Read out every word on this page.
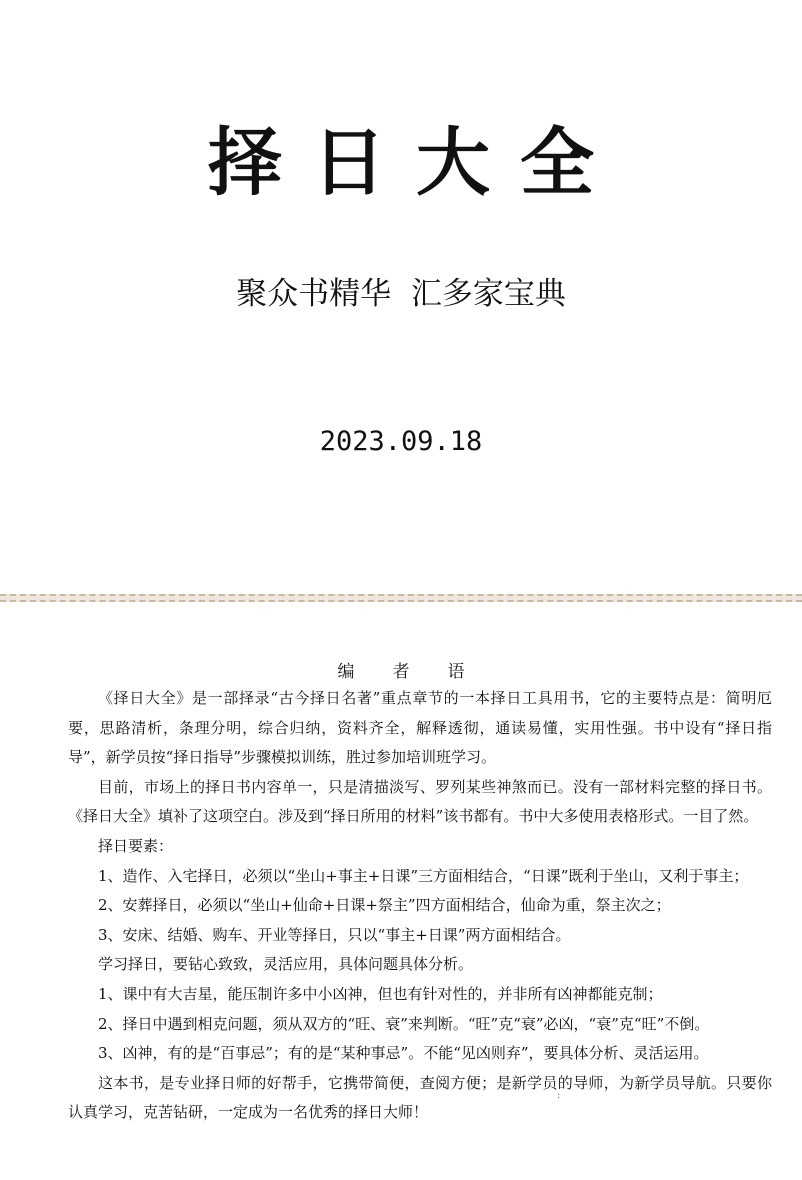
择日大全
聚众书精华  汇多家宝典
2023.09.18
编者语

《择日大全》是一部择录“古今择日名著”重点章节的一本择日工具用书，它的主要特点是：简明厄要，思路清析，条理分明，综合归纳，资料齐全，解释透彻，通读易懂，实用性强。书中设有“择日指导”，新学员按“择日指导”步骤模拟训练，胜过参加培训班学习。

目前，市场上的择日书内容单一，只是清描淡写、罗列某些神煞而已。没有一部材料完整的择日书。《择日大全》填补了这项空白。涉及到“择日所用的材料”该书都有。书中大多使用表格形式。一目了然。

择日要素：

1、造作、入宅择日，必须以“坐山+事主+日课”三方面相结合，“日课”既利于坐山，又利于事主；

2、安葬择日，必须以“坐山+仙命+日课+祭主”四方面相结合，仙命为重，祭主次之；

3、安床、结婚、购车、开业等择日，只以“事主+日课”两方面相结合。

学习择日，要钻心致致，灵活应用，具体问题具体分析。

1、课中有大吉星，能压制许多中小凶神，但也有针对性的，并非所有凶神都能克制；

2、择日中遇到相克问题，须从双方的“旺、衰”来判断。“旺”克“衰”必凶，“衰”克“旺”不倒。

3、凶神，有的是“百事忌”；有的是“某种事忌”。不能“见凶则弃”，要具体分析、灵活运用。

这本书，是专业择日师的好帮手，它携带简便，查阅方便；是新学员的导师，为新学员导航。只要你认真学习，克苦钻研，一定成为一名优秀的择日大师！

:
